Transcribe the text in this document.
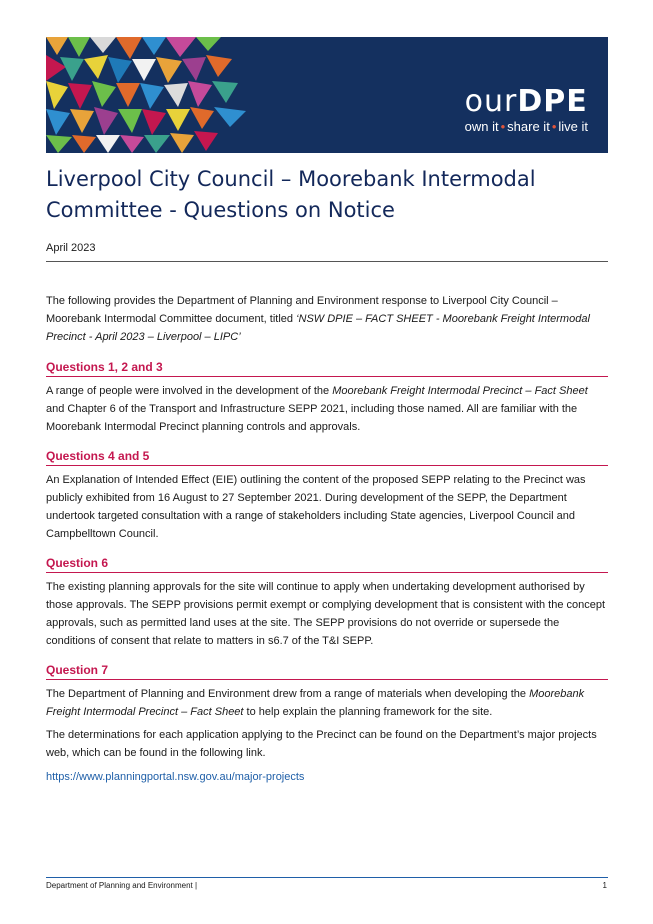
ourDPE
own it • share it • live it
Liverpool City Council – Moorebank Intermodal Committee - Questions on Notice
April 2023

The following provides the Department of Planning and Environment response to Liverpool City Council – Moorebank Intermodal Committee document, titled ‘NSW DPIE – FACT SHEET - Moorebank Freight Intermodal Precinct - April 2023 – Liverpool – LIPC’

Questions 1, 2 and 3

A range of people were involved in the development of the Moorebank Freight Intermodal Precinct – Fact Sheet and Chapter 6 of the Transport and Infrastructure SEPP 2021, including those named. All are familiar with the Moorebank Intermodal Precinct planning controls and approvals.

Questions 4 and 5

An Explanation of Intended Effect (EIE) outlining the content of the proposed SEPP relating to the Precinct was publicly exhibited from 16 August to 27 September 2021. During development of the SEPP, the Department undertook targeted consultation with a range of stakeholders including State agencies, Liverpool Council and Campbelltown Council.

Question 6

The existing planning approvals for the site will continue to apply when undertaking development authorised by those approvals. The SEPP provisions permit exempt or complying development that is consistent with the concept approvals, such as permitted land uses at the site. The SEPP provisions do not override or supersede the conditions of consent that relate to matters in s6.7 of the T&I SEPP.

Question 7

The Department of Planning and Environment drew from a range of materials when developing the Moorebank Freight Intermodal Precinct – Fact Sheet to help explain the planning framework for the site.

The determinations for each application applying to the Precinct can be found on the Department’s major projects web, which can be found in the following link.

https://www.planningportal.nsw.gov.au/major-projects

Department of Planning and Environment |	1
